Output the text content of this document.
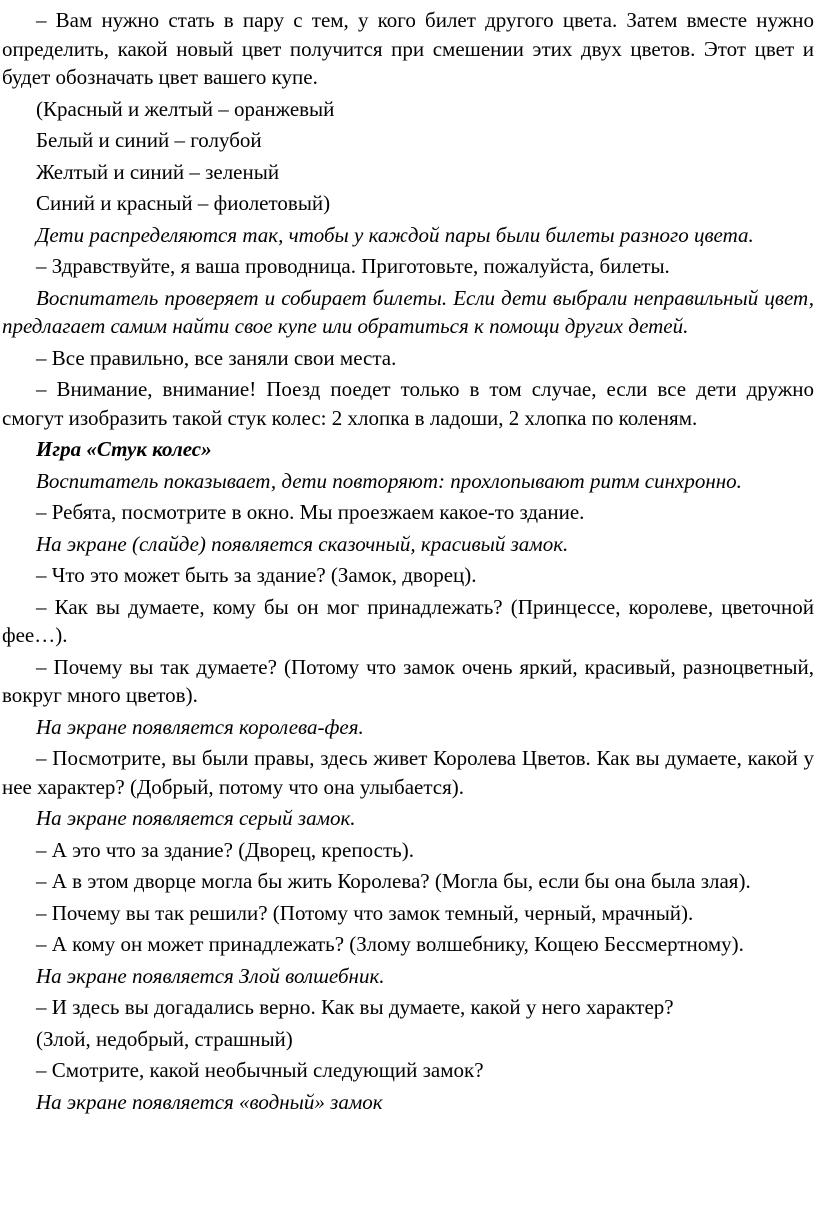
– Вам нужно стать в пару с тем, у кого билет другого цвета. Затем вместе нужно определить, какой новый цвет получится при смешении этих двух цветов. Этот цвет и будет обозначать цвет вашего купе.

(Красный и желтый – оранжевый

Белый и синий – голубой

Желтый и синий – зеленый

Синий и красный – фиолетовый)

Дети распределяются так, чтобы у каждой пары были билеты разного цвета.

– Здравствуйте, я ваша проводница. Приготовьте, пожалуйста, билеты.

Воспитатель проверяет и собирает билеты. Если дети выбрали неправильный цвет, предлагает самим найти свое купе или обратиться к помощи других детей.

– Все правильно, все заняли свои места.

– Внимание, внимание! Поезд поедет только в том случае, если все дети дружно смогут изобразить такой стук колес: 2 хлопка в ладоши, 2 хлопка по коленям.

Игра «Стук колес»

Воспитатель показывает, дети повторяют: прохлопывают ритм синхронно.

– Ребята, посмотрите в окно. Мы проезжаем какое-то здание.

На экране (слайде) появляется сказочный, красивый замок.

– Что это может быть за здание? (Замок, дворец).

– Как вы думаете, кому бы он мог принадлежать? (Принцессе, королеве, цветочной фее…).

– Почему вы так думаете? (Потому что замок очень яркий, красивый, разноцветный, вокруг много цветов).

На экране появляется королева-фея.

– Посмотрите, вы были правы, здесь живет Королева Цветов. Как вы думаете, какой у нее характер? (Добрый, потому что она улыбается).

На экране появляется серый замок.

– А это что за здание? (Дворец, крепость).

– А в этом дворце могла бы жить Королева? (Могла бы, если бы она была злая).

– Почему вы так решили? (Потому что замок темный, черный, мрачный).

– А кому он может принадлежать? (Злому волшебнику, Кощею Бессмертному).

На экране появляется Злой волшебник.

– И здесь вы догадались верно. Как вы думаете, какой у него характер?

(Злой, недобрый, страшный)

– Смотрите, какой необычный следующий замок?

На экране появляется «водный» замок
